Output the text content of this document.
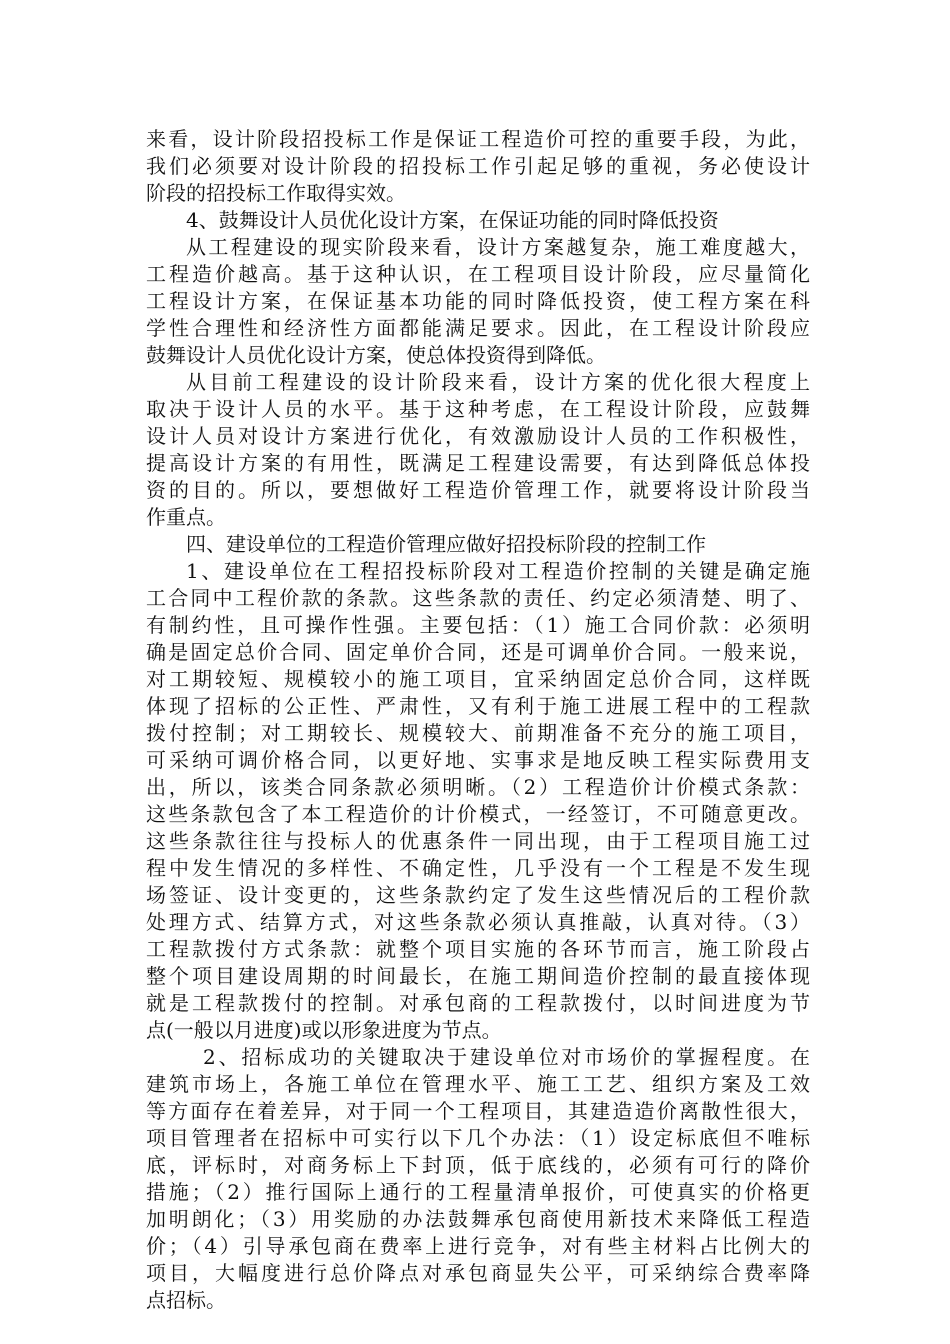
来看，设计阶段招投标工作是保证工程造价可控的重要手段，为此，
我们必须要对设计阶段的招投标工作引起足够的重视，务必使设计
阶段的招投标工作取得实效。
4、鼓舞设计人员优化设计方案，在保证功能的同时降低投资
从工程建设的现实阶段来看，设计方案越复杂，施工难度越大，
工程造价越高。基于这种认识，在工程项目设计阶段，应尽量简化
工程设计方案，在保证基本功能的同时降低投资，使工程方案在科
学性合理性和经济性方面都能满足要求。因此，在工程设计阶段应
鼓舞设计人员优化设计方案，使总体投资得到降低。
从目前工程建设的设计阶段来看，设计方案的优化很大程度上
取决于设计人员的水平。基于这种考虑，在工程设计阶段，应鼓舞
设计人员对设计方案进行优化，有效激励设计人员的工作积极性，
提高设计方案的有用性，既满足工程建设需要，有达到降低总体投
资的目的。所以，要想做好工程造价管理工作，就要将设计阶段当
作重点。
四、建设单位的工程造价管理应做好招投标阶段的控制工作
1、建设单位在工程招投标阶段对工程造价控制的关键是确定施
工合同中工程价款的条款。这些条款的责任、约定必须清楚、明了、
有制约性，且可操作性强。主要包括：（1）施工合同价款：必须明
确是固定总价合同、固定单价合同，还是可调单价合同。一般来说，
对工期较短、规模较小的施工项目，宜采纳固定总价合同，这样既
体现了招标的公正性、严肃性，又有利于施工进展工程中的工程款
拨付控制；对工期较长、规模较大、前期准备不充分的施工项目，
可采纳可调价格合同，以更好地、实事求是地反映工程实际费用支
出，所以，该类合同条款必须明晰。（2）工程造价计价模式条款：
这些条款包含了本工程造价的计价模式，一经签订，不可随意更改。
这些条款往往与投标人的优惠条件一同出现，由于工程项目施工过
程中发生情况的多样性、不确定性，几乎没有一个工程是不发生现
场签证、设计变更的，这些条款约定了发生这些情况后的工程价款
处理方式、结算方式，对这些条款必须认真推敲，认真对待。（3）
工程款拨付方式条款：就整个项目实施的各环节而言，施工阶段占
整个项目建设周期的时间最长，在施工期间造价控制的最直接体现
就是工程款拨付的控制。对承包商的工程款拨付，以时间进度为节
点(一般以月进度)或以形象进度为节点。
2、招标成功的关键取决于建设单位对市场价的掌握程度。在
建筑市场上，各施工单位在管理水平、施工工艺、组织方案及工效
等方面存在着差异，对于同一个工程项目，其建造造价离散性很大，
项目管理者在招标中可实行以下几个办法：（1）设定标底但不唯标
底，评标时，对商务标上下封顶，低于底线的，必须有可行的降价
措施；（2）推行国际上通行的工程量清单报价，可使真实的价格更
加明朗化；（3）用奖励的办法鼓舞承包商使用新技术来降低工程造
价；（4）引导承包商在费率上进行竞争，对有些主材料占比例大的
项目，大幅度进行总价降点对承包商显失公平，可采纳综合费率降
点招标。
